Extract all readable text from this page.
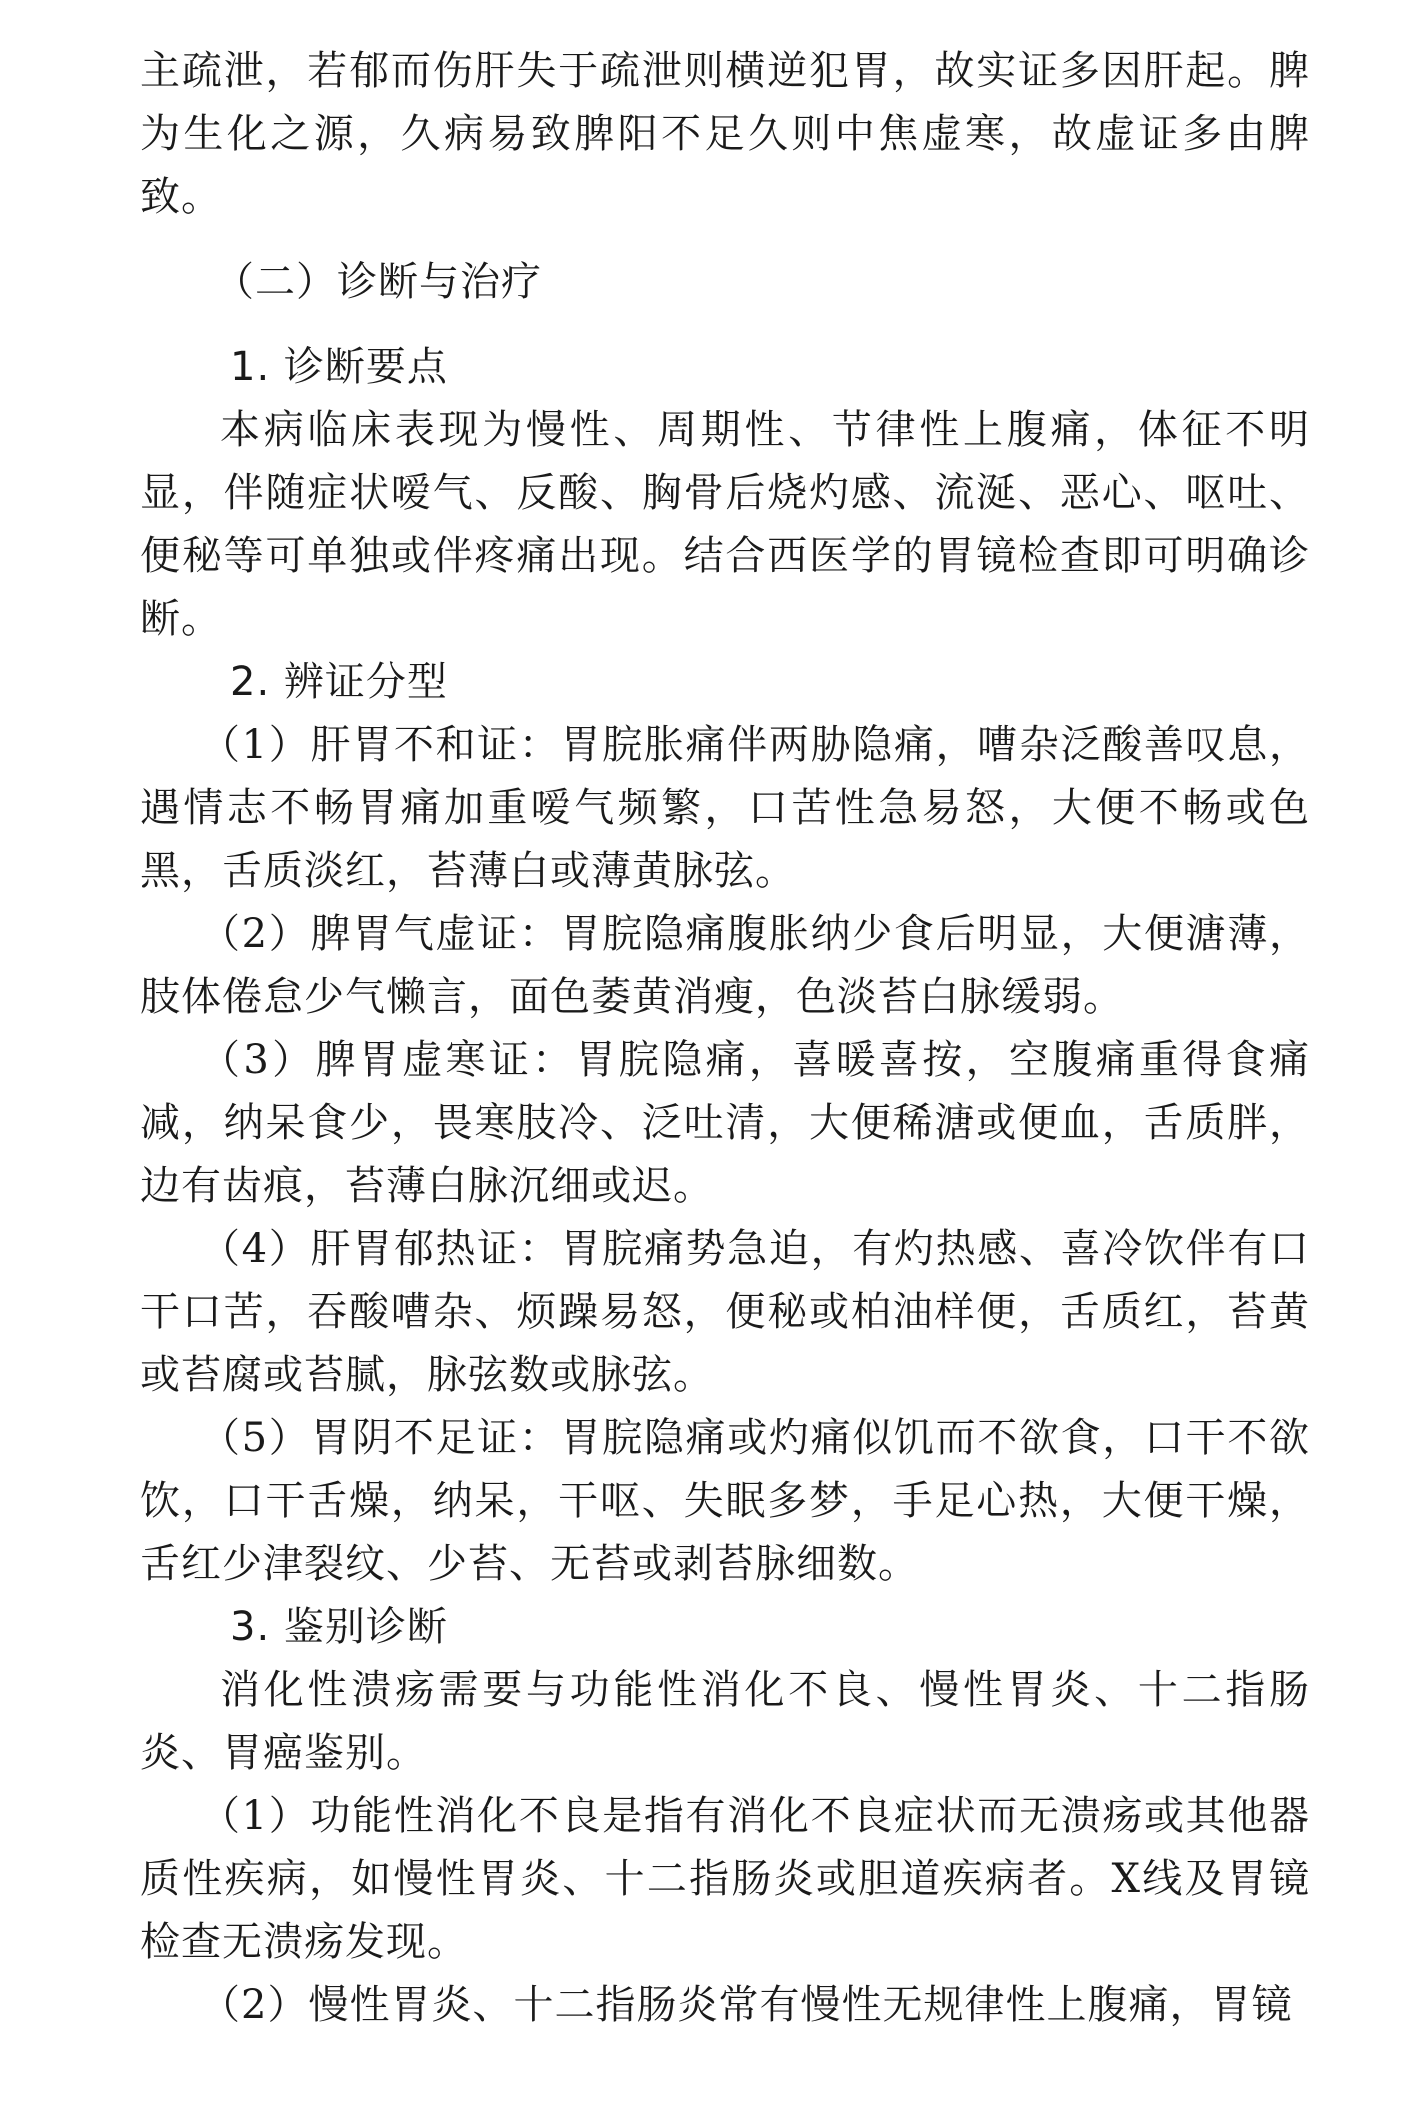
主疏泄，若郁而伤肝失于疏泄则横逆犯胃，故实证多因肝起。脾为生化之源，久病易致脾阳不足久则中焦虚寒，故虚证多由脾致。

（二）诊断与治疗

1. 诊断要点

本病临床表现为慢性、周期性、节律性上腹痛，体征不明显，伴随症状嗳气、反酸、胸骨后烧灼感、流涎、恶心、呕吐、便秘等可单独或伴疼痛出现。结合西医学的胃镜检查即可明确诊断。

2. 辨证分型

（1）肝胃不和证：胃脘胀痛伴两胁隐痛，嘈杂泛酸善叹息，遇情志不畅胃痛加重嗳气频繁，口苦性急易怒，大便不畅或色黑，舌质淡红，苔薄白或薄黄脉弦。

（2）脾胃气虚证：胃脘隐痛腹胀纳少食后明显，大便溏薄，肢体倦怠少气懒言，面色萎黄消瘦，色淡苔白脉缓弱。

（3）脾胃虚寒证：胃脘隐痛，喜暖喜按，空腹痛重得食痛减，纳呆食少，畏寒肢冷、泛吐清，大便稀溏或便血，舌质胖，边有齿痕，苔薄白脉沉细或迟。

（4）肝胃郁热证：胃脘痛势急迫，有灼热感、喜冷饮伴有口干口苦，吞酸嘈杂、烦躁易怒，便秘或柏油样便，舌质红，苔黄或苔腐或苔腻，脉弦数或脉弦。

（5）胃阴不足证：胃脘隐痛或灼痛似饥而不欲食，口干不欲饮，口干舌燥，纳呆，干呕、失眠多梦，手足心热，大便干燥，舌红少津裂纹、少苔、无苔或剥苔脉细数。

3. 鉴别诊断

消化性溃疡需要与功能性消化不良、慢性胃炎、十二指肠炎、胃癌鉴别。

（1）功能性消化不良是指有消化不良症状而无溃疡或其他器质性疾病，如慢性胃炎、十二指肠炎或胆道疾病者。X线及胃镜检查无溃疡发现。

（2）慢性胃炎、十二指肠炎常有慢性无规律性上腹痛，胃镜
